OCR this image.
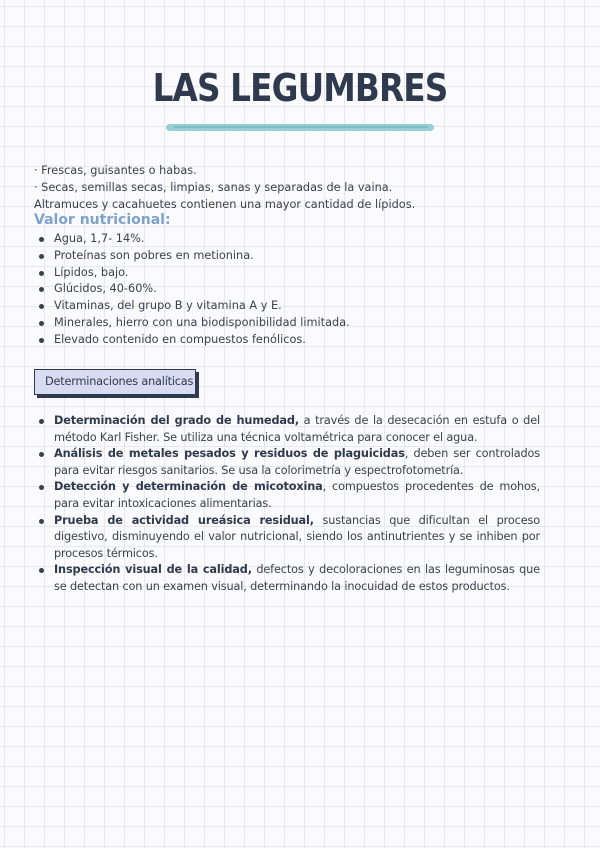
LAS LEGUMBRES

· Frescas, guisantes o habas.

· Secas, semillas secas, limpias, sanas y separadas de la vaina.

Altramuces y cacahuetes contienen una mayor cantidad de lípidos.

Valor nutricional:
Agua, 1,7- 14%.
Proteínas son pobres en metionina.
Lípidos, bajo.
Glúcidos, 40-60%.
Vitaminas, del grupo B y vitamina A y E.
Minerales, hierro con una biodisponibilidad limitada.
Elevado contenido en compuestos fenólicos.
Determinaciones analíticas
Determinación del grado de humedad, a través de la desecación en estufa o del método Karl Fisher. Se utiliza una técnica voltamétrica para conocer el agua.
Análisis de metales pesados y residuos de plaguicidas, deben ser controlados para evitar riesgos sanitarios. Se usa la colorimetría y espectrofotometría.
Detección y determinación de micotoxina, compuestos procedentes de mohos, para evitar intoxicaciones alimentarias.
Prueba de actividad ureásica residual, sustancias que dificultan el proceso digestivo, disminuyendo el valor nutricional, siendo los antinutrientes y se inhiben por procesos térmicos.
Inspección visual de la calidad, defectos y decoloraciones en las leguminosas que se detectan con un examen visual, determinando la inocuidad de estos productos.
